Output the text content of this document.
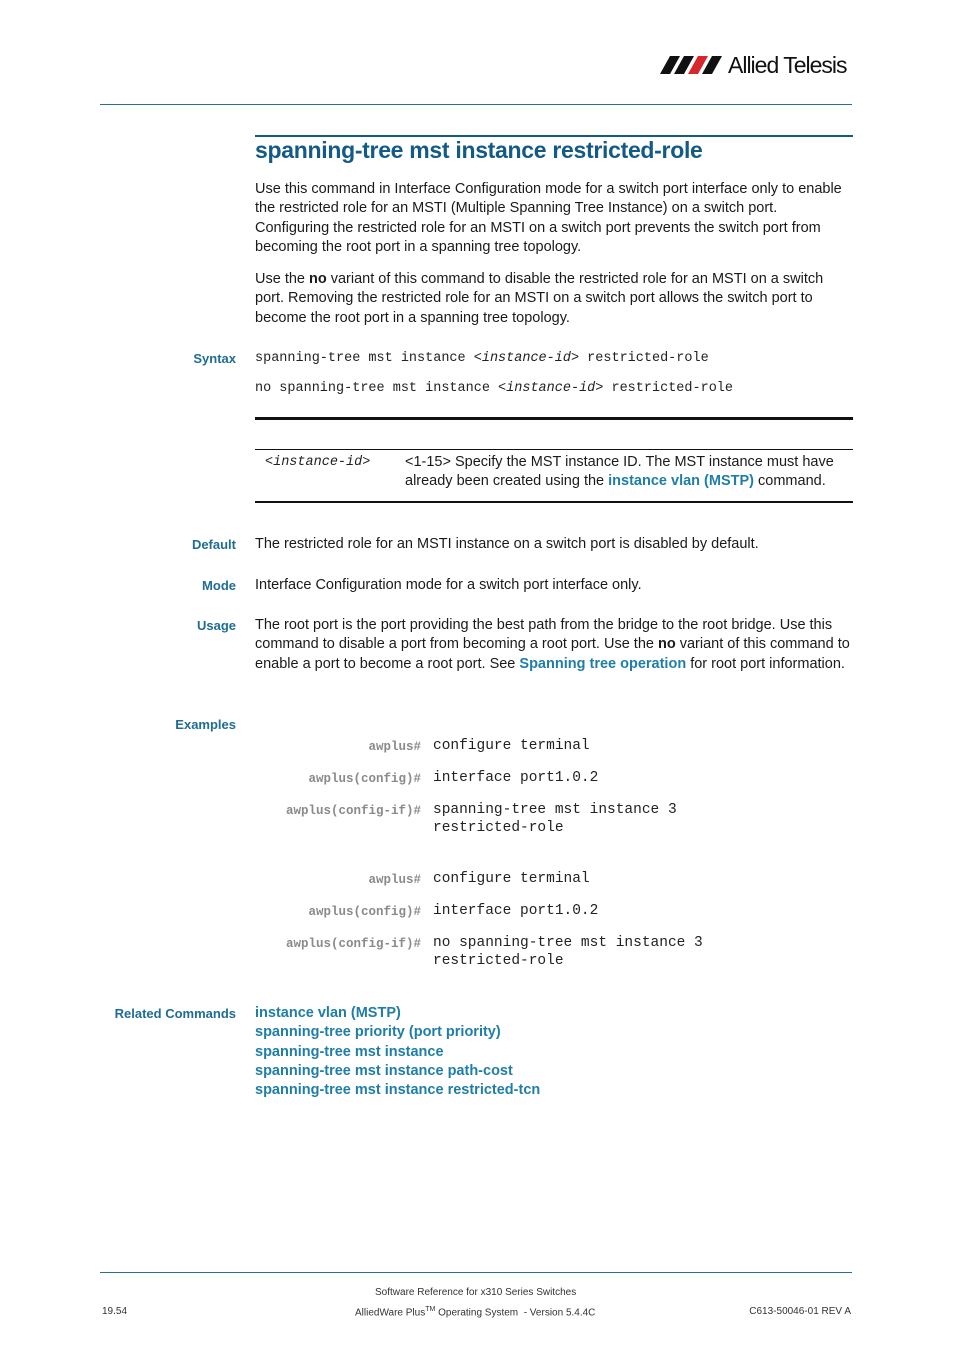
Allied Telesis
spanning-tree mst instance restricted-role
Use this command in Interface Configuration mode for a switch port interface only to enable the restricted role for an MSTI (Multiple Spanning Tree Instance) on a switch port. Configuring the restricted role for an MSTI on a switch port prevents the switch port from becoming the root port in a spanning tree topology.
Use the no variant of this command to disable the restricted role for an MSTI on a switch port. Removing the restricted role for an MSTI on a switch port allows the switch port to become the root port in a spanning tree topology.
Syntax spanning-tree mst instance <instance-id> restricted-role
no spanning-tree mst instance <instance-id> restricted-role
<instance-id> <1-15> Specify the MST instance ID. The MST instance must have already been created using the instance vlan (MSTP) command.
Default The restricted role for an MSTI instance on a switch port is disabled by default.
Mode Interface Configuration mode for a switch port interface only.
Usage The root port is the port providing the best path from the bridge to the root bridge. Use this command to disable a port from becoming a root port. Use the no variant of this command to enable a port to become a root port. See Spanning tree operation for root port information.
Examples
awplus# configure terminal
awplus(config)# interface port1.0.2
awplus(config-if)# spanning-tree mst instance 3
restricted-role
awplus# configure terminal
awplus(config)# interface port1.0.2
awplus(config-if)# no spanning-tree mst instance 3
restricted-role
Related Commands instance vlan (MSTP)
spanning-tree priority (port priority)
spanning-tree mst instance
spanning-tree mst instance path-cost
spanning-tree mst instance restricted-tcn
Software Reference for x310 Series Switches
AlliedWare Plus™ Operating System  - Version 5.4.4C
19.54	C613-50046-01 REV A
